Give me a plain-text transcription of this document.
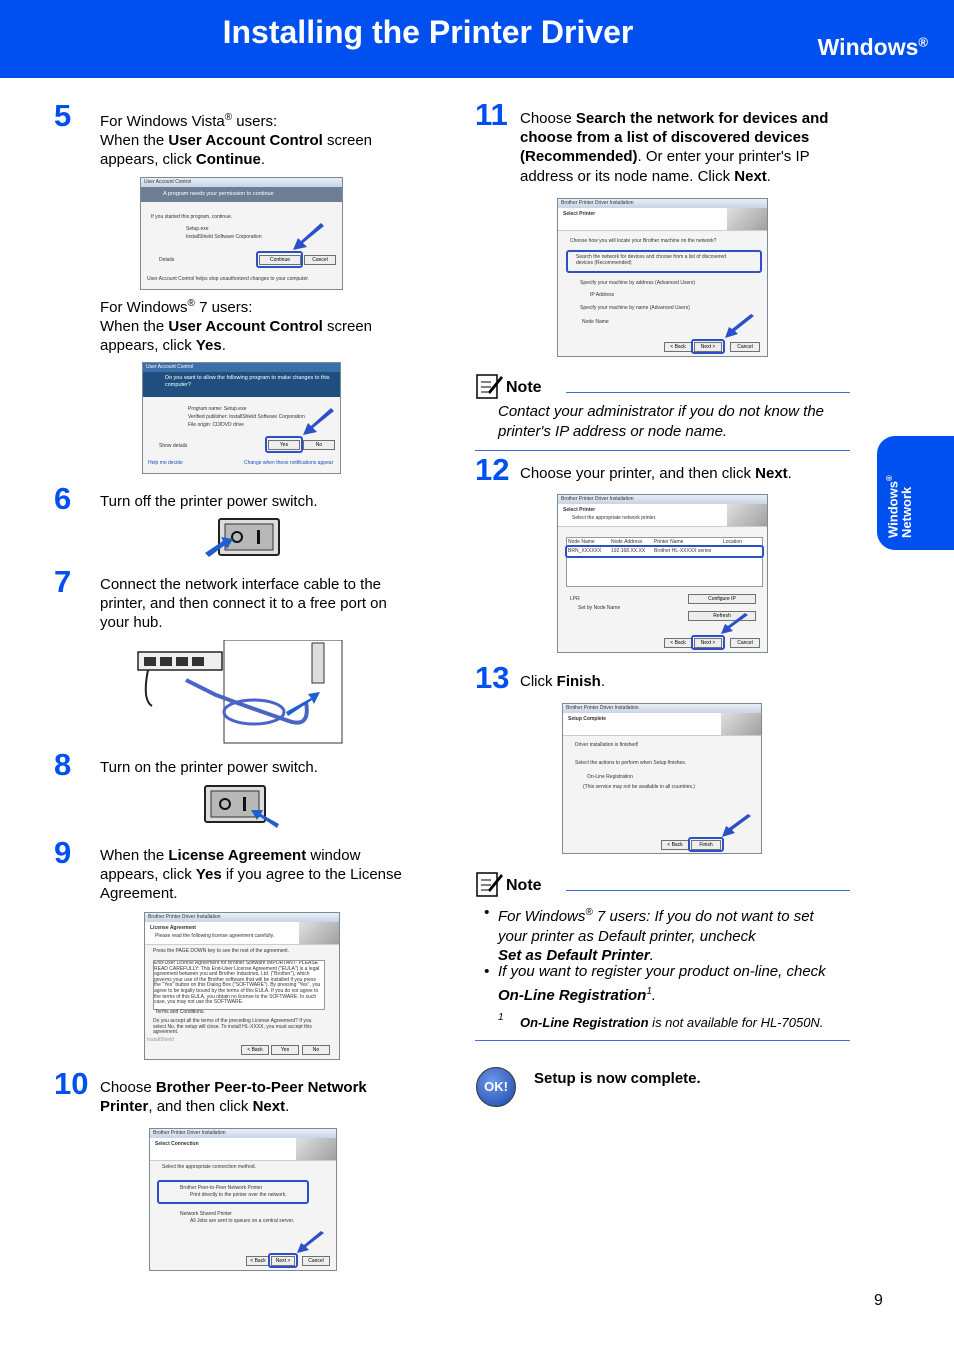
Installing the Printer Driver	Windows®
Windows®
Network
5 For Windows Vista® users:
When the User Account Control screen
appears, click Continue.
User Account Control
A program needs your permission to continue
If you started this program, continue.
Setup.exe
InstallShield Software Corporation
Details	Continue	Cancel
User Account Control helps stop unauthorized changes to your computer.
For Windows® 7 users:
When the User Account Control screen
appears, click Yes.
User Account Control
Do you want to allow the following program to make changes to this computer?
Program name: Setup.exe
Verified publisher: InstallShield Software Corporation
File origin: CD/DVD drive
Show details	Yes	No
Help me decide	Change when these notifications appear
6 Turn off the printer power switch.
7 Connect the network interface cable to the
printer, and then connect it to a free port on
your hub.
8 Turn on the printer power switch.
9 When the License Agreement window
appears, click Yes if you agree to the License
Agreement.
Brother Printer Driver Installation
License Agreement
Please read the following license agreement carefully.
Press the PAGE DOWN key to see the rest of the agreement.
End-User License Agreement for Brother Software IMPORTANT- PLEASE READ CAREFULLY: This End-User License Agreement ("EULA") is a legal agreement between you and Brother Industries, Ltd. ("Brother"), which governs your use of the Brother software that will be installed if you press the "Yes" button on this Dialog Box ("SOFTWARE"). By pressing "Yes", you agree to be legally bound by the terms of this EULA. If you do not agree to the terms of this EULA, you obtain no license to the SOFTWARE. In such case, you may not use the SOFTWARE.
Terms and Conditions.
Do you accept all the terms of the preceding License Agreement? If you select No, the setup will close. To install HL-XXXX, you must accept this agreement.
InstallShield
< Back	Yes	No
10 Choose Brother Peer-to-Peer Network
Printer, and then click Next.
Brother Printer Driver Installation
Select Connection
Select the appropriate connection method.
Brother Peer-to-Peer Network Printer
Print directly to the printer over the network.
Network Shared Printer
All Jobs are sent to queues on a central server.
< Back	Next >	Cancel
11 Choose Search the network for devices and
choose from a list of discovered devices
(Recommended). Or enter your printer's IP
address or its node name. Click Next.
Brother Printer Driver Installation
Select Printer
Choose how you will locate your Brother machine on the network?
Search the network for devices and choose from a list of discovered devices (Recommended)
Specify your machine by address (Advanced Users)
IP Address
Specify your machine by name (Advanced Users)
Node Name
< Back	Next >	Cancel
Note
Contact your administrator if you do not know the
printer's IP address or node name.
12 Choose your printer, and then click Next.
Brother Printer Driver Installation
Select Printer
Select the appropriate network printer.
Node Name	Node Address Printer Name	Location
BRN_XXXXXX 192.168.XX.XX Brother HL-XXXXX series
LPR
Set by Node Name
Configure IP
Refresh
< Back	Next >	Cancel
13 Click Finish.
Brother Printer Driver Installation
Setup Complete
Driver installation is finished!
Select the actions to perform when Setup finishes.
On-Line Registration
(This service may not be available in all countries.)
< Back	Finish
Note
• For Windows® 7 users: If you do not want to set
your printer as Default printer, uncheck
Set as Default Printer.
• If you want to register your product on-line, check
On-Line Registration$^1$.
1 On-Line Registration is not available for HL-7050N.
OK!	Setup is now complete.
9
